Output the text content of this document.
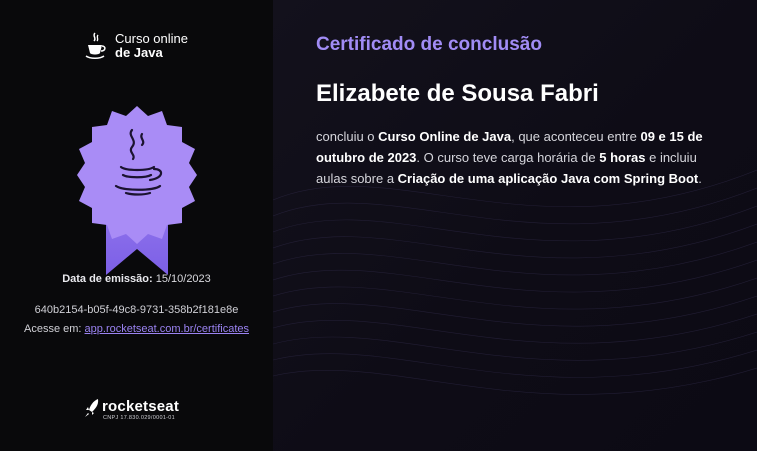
Curso online
de Java
Data de emissão: 15/10/2023
640b2154-b05f-49c8-9731-358b2f181e8e
Acesse em: app.rocketseat.com.br/certificates
rocketseat
CNPJ 17.830.029/0001-01
Certificado de conclusão
Elizabete de Sousa Fabri
concluiu o Curso Online de Java, que aconteceu entre 09 e 15 de outubro de 2023. O curso teve carga horária de 5 horas e incluiu aulas sobre a Criação de uma aplicação Java com Spring Boot.
